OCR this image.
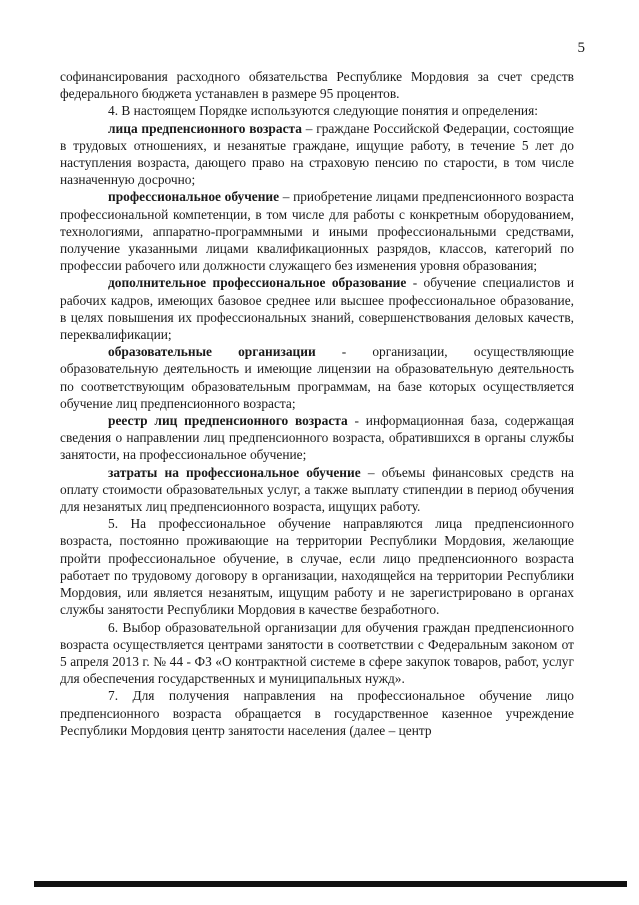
5

софинансирования расходного обязательства Республике Мордовия за счет средств федерального бюджета устанавлен в размере 95 процентов.

4. В настоящем Порядке используются следующие понятия и определения:

лица предпенсионного возраста – граждане Российской Федерации, состоящие в трудовых отношениях, и незанятые граждане, ищущие работу, в течение 5 лет до наступления возраста, дающего право на страховую пенсию по старости, в том числе назначенную досрочно;

профессиональное обучение – приобретение лицами предпенсионного возраста профессиональной компетенции, в том числе для работы с конкретным оборудованием, технологиями, аппаратно-программными и иными профессиональными средствами, получение указанными лицами квалификационных разрядов, классов, категорий по профессии рабочего или должности служащего без изменения уровня образования;

дополнительное профессиональное образование - обучение специалистов и рабочих кадров, имеющих базовое среднее или высшее профессиональное образование, в целях повышения их профессиональных знаний, совершенствования деловых качеств, переквалификации;

образовательные организации - организации, осуществляющие образовательную деятельность и имеющие лицензии на образовательную деятельность по соответствующим образовательным программам, на базе которых осуществляется обучение лиц предпенсионного возраста;

реестр лиц предпенсионного возраста - информационная база, содержащая сведения о направлении лиц предпенсионного возраста, обратившихся в органы службы занятости, на профессиональное обучение;

затраты на профессиональное обучение – объемы финансовых средств на оплату стоимости образовательных услуг, а также выплату стипендии в период обучения для незанятых лиц предпенсионного возраста, ищущих работу.

5. На профессиональное обучение направляются лица предпенсионного возраста, постоянно проживающие на территории Республики Мордовия, желающие пройти профессиональное обучение, в случае, если лицо предпенсионного возраста работает по трудовому договору в организации, находящейся на территории Республики Мордовия, или является незанятым, ищущим работу и не зарегистрировано в органах службы занятости Республики Мордовия в качестве безработного.

6. Выбор образовательной организации для обучения граждан предпенсионного возраста осуществляется центрами занятости в соответствии с Федеральным законом от 5 апреля 2013 г. № 44 - ФЗ «О контрактной системе в сфере закупок товаров, работ, услуг для обеспечения государственных и муниципальных нужд».

7. Для получения направления на профессиональное обучение лицо предпенсионного возраста обращается в государственное казенное учреждение Республики Мордовия центр занятости населения (далее – центр
